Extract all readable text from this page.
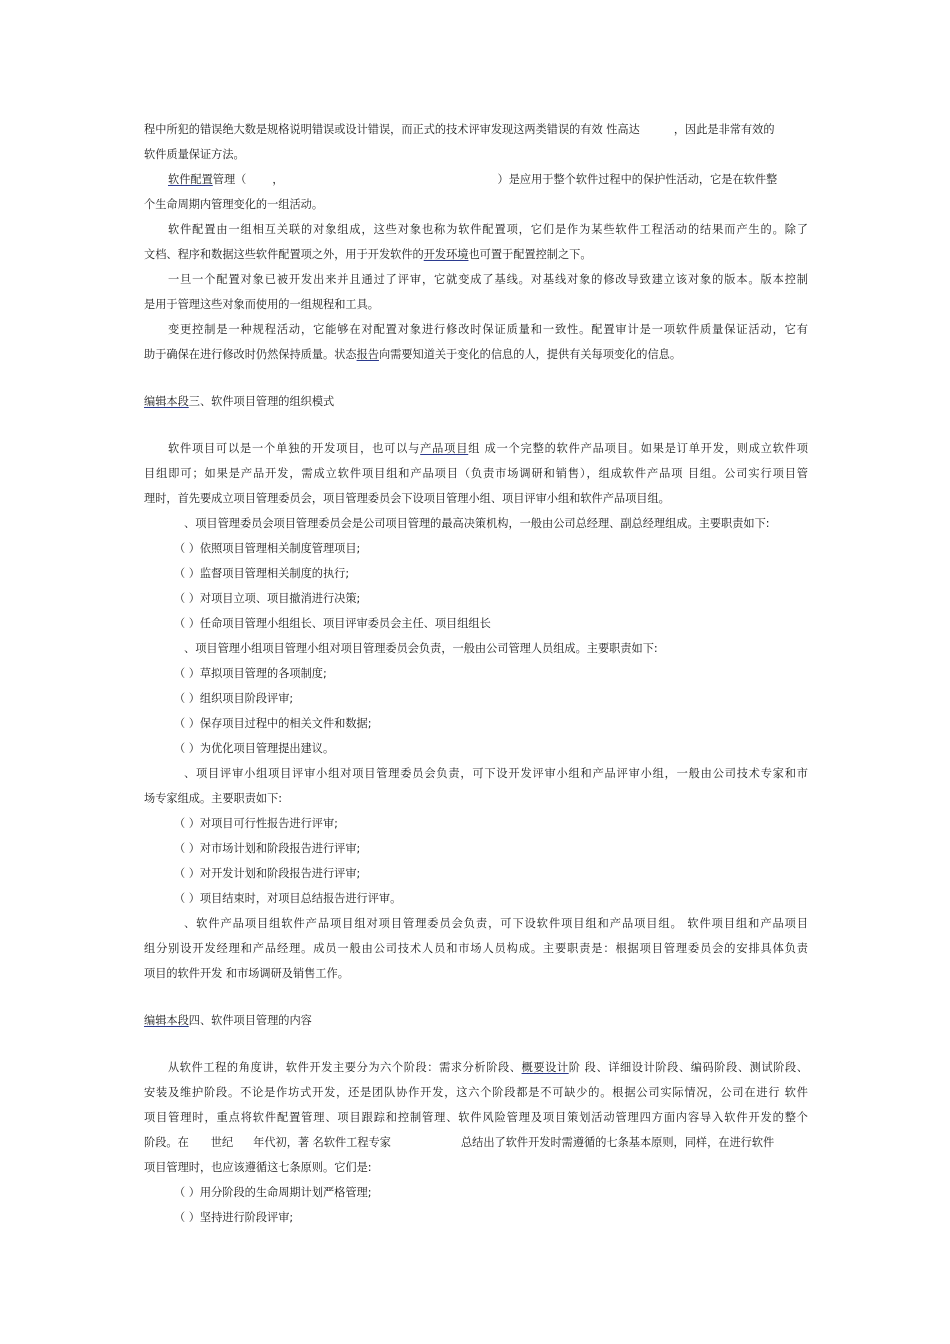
程中所犯的错误绝大数是规格说明错误或设计错误，而正式的技术评审发现这两类错误的有效 性高达	，因此是非常有效的
软件质量保证方法。
软件配置管理（ ，	）是应用于整个软件过程中的保护性活动，它是在软件整
个生命周期内管理变化的一组活动。
软件配置由一组相互关联的对象组成，这些对象也称为软件配置项，它们是作为某些软件工程活动的结果而产生的。除了
文档、程序和数据这些软件配置项之外，用于开发软件的开发环境也可置于配置控制之下。
一旦一个配置对象已被开发出来并且通过了评审，它就变成了基线。对基线对象的修改导致建立该对象的版本。版本控制
是用于管理这些对象而使用的一组规程和工具。
变更控制是一种规程活动，它能够在对配置对象进行修改时保证质量和一致性。配置审计是一项软件质量保证活动，它有
助于确保在进行修改时仍然保持质量。状态报告向需要知道关于变化的信息的人，提供有关每项变化的信息。
编辑本段三、软件项目管理的组织模式
软件项目可以是一个单独的开发项目，也可以与产品项目组 成一个完整的软件产品项目。如果是订单开发，则成立软件项
目组即可；如果是产品开发，需成立软件项目组和产品项目（负责市场调研和销售），组成软件产品项 目组。公司实行项目管
理时，首先要成立项目管理委员会，项目管理委员会下设项目管理小组、项目评审小组和软件产品项目组。
、项目管理委员会项目管理委员会是公司项目管理的最高决策机构，一般由公司总经理、副总经理组成。主要职责如下:
（ ）依照项目管理相关制度管理项目;
（ ）监督项目管理相关制度的执行;
（ ）对项目立项、项目撤消进行决策;
（ ）任命项目管理小组组长、项目评审委员会主任、项目组组长
、项目管理小组项目管理小组对项目管理委员会负责，一般由公司管理人员组成。主要职责如下:
（ ）草拟项目管理的各项制度;
（ ）组织项目阶段评审;
（ ）保存项目过程中的相关文件和数据;
（ ）为优化项目管理提出建议。
、项目评审小组项目评审小组对项目管理委员会负责，可下设开发评审小组和产品评审小组，一般由公司技术专家和市
场专家组成。主要职责如下:
（ ）对项目可行性报告进行评审;
（ ）对市场计划和阶段报告进行评审;
（ ）对开发计划和阶段报告进行评审;
（ ）项目结束时，对项目总结报告进行评审。
、软件产品项目组软件产品项目组对项目管理委员会负责，可下设软件项目组和产品项目组。 软件项目组和产品项目
组分别设开发经理和产品经理。成员一般由公司技术人员和市场人员构成。主要职责是：根据项目管理委员会的安排具体负责
项目的软件开发 和市场调研及销售工作。
编辑本段四、软件项目管理的内容
从软件工程的角度讲，软件开发主要分为六个阶段：需求分析阶段、概要设计阶 段、详细设计阶段、编码阶段、测试阶段、
安装及维护阶段。不论是作坊式开发，还是团队协作开发，这六个阶段都是不可缺少的。根据公司实际情况，公司在进行 软件
项目管理时，重点将软件配置管理、项目跟踪和控制管理、软件风险管理及项目策划活动管理四方面内容导入软件开发的整个
阶段。在 世纪 年代初，著 名软件工程专家	总结出了软件开发时需遵循的七条基本原则，同样，在进行软件
项目管理时，也应该遵循这七条原则。它们是:
（ ）用分阶段的生命周期计划严格管理;
（ ）坚持进行阶段评审;
